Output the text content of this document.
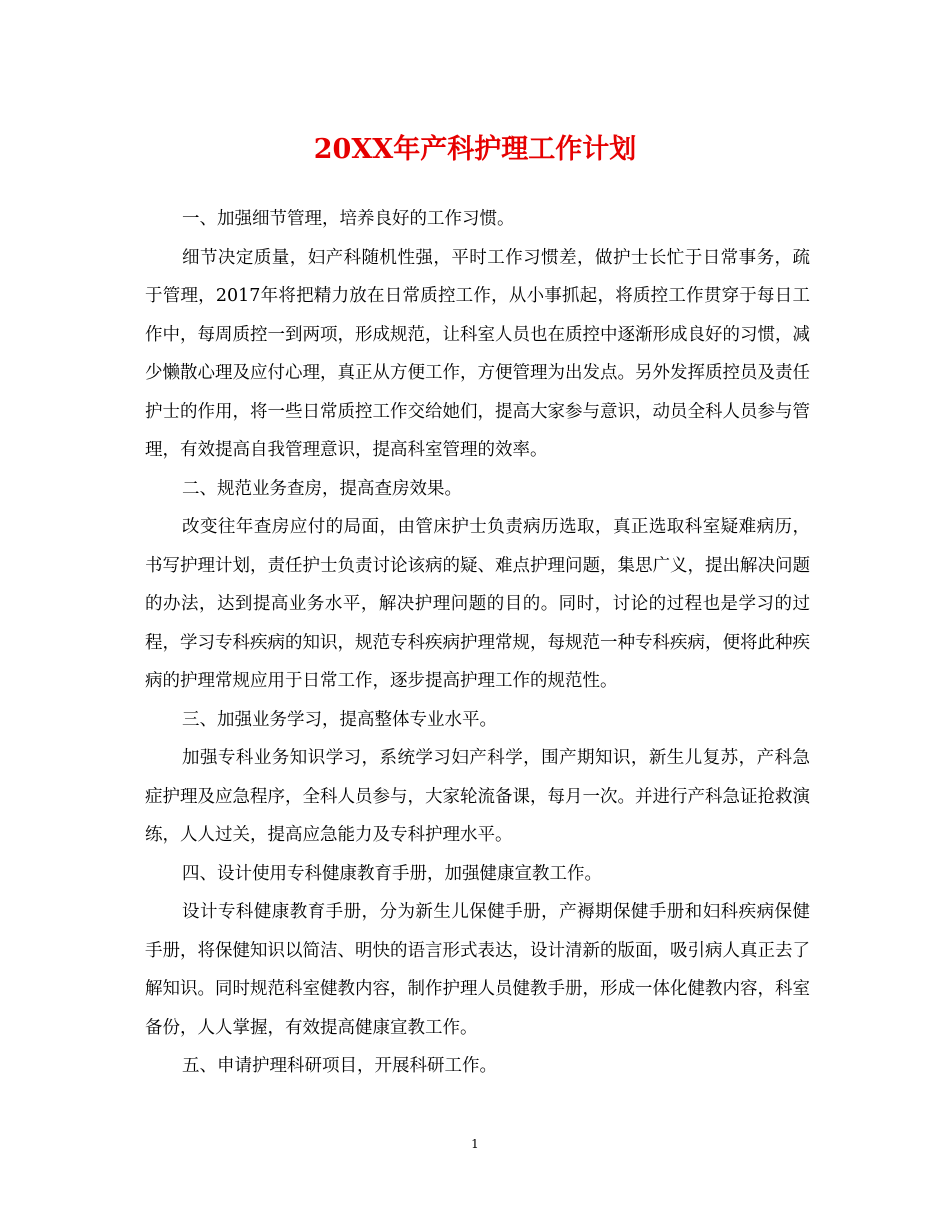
20XX年产科护理工作计划

一、加强细节管理，培养良好的工作习惯。

细节决定质量，妇产科随机性强，平时工作习惯差，做护士长忙于日常事务，疏于管理，2017年将把精力放在日常质控工作，从小事抓起，将质控工作贯穿于每日工作中，每周质控一到两项，形成规范，让科室人员也在质控中逐渐形成良好的习惯，减少懒散心理及应付心理，真正从方便工作，方便管理为出发点。另外发挥质控员及责任护士的作用，将一些日常质控工作交给她们，提高大家参与意识，动员全科人员参与管理，有效提高自我管理意识，提高科室管理的效率。

二、规范业务查房，提高查房效果。

改变往年查房应付的局面，由管床护士负责病历选取，真正选取科室疑难病历，书写护理计划，责任护士负责讨论该病的疑、难点护理问题，集思广义，提出解决问题的办法，达到提高业务水平，解决护理问题的目的。同时，讨论的过程也是学习的过程，学习专科疾病的知识，规范专科疾病护理常规，每规范一种专科疾病，便将此种疾病的护理常规应用于日常工作，逐步提高护理工作的规范性。

三、加强业务学习，提高整体专业水平。

加强专科业务知识学习，系统学习妇产科学，围产期知识，新生儿复苏，产科急症护理及应急程序，全科人员参与，大家轮流备课，每月一次。并进行产科急证抢救演练，人人过关，提高应急能力及专科护理水平。

四、设计使用专科健康教育手册，加强健康宣教工作。

设计专科健康教育手册，分为新生儿保健手册，产褥期保健手册和妇科疾病保健手册，将保健知识以简洁、明快的语言形式表达，设计清新的版面，吸引病人真正去了解知识。同时规范科室健教内容，制作护理人员健教手册，形成一体化健教内容，科室备份，人人掌握，有效提高健康宣教工作。

五、申请护理科研项目，开展科研工作。

1
